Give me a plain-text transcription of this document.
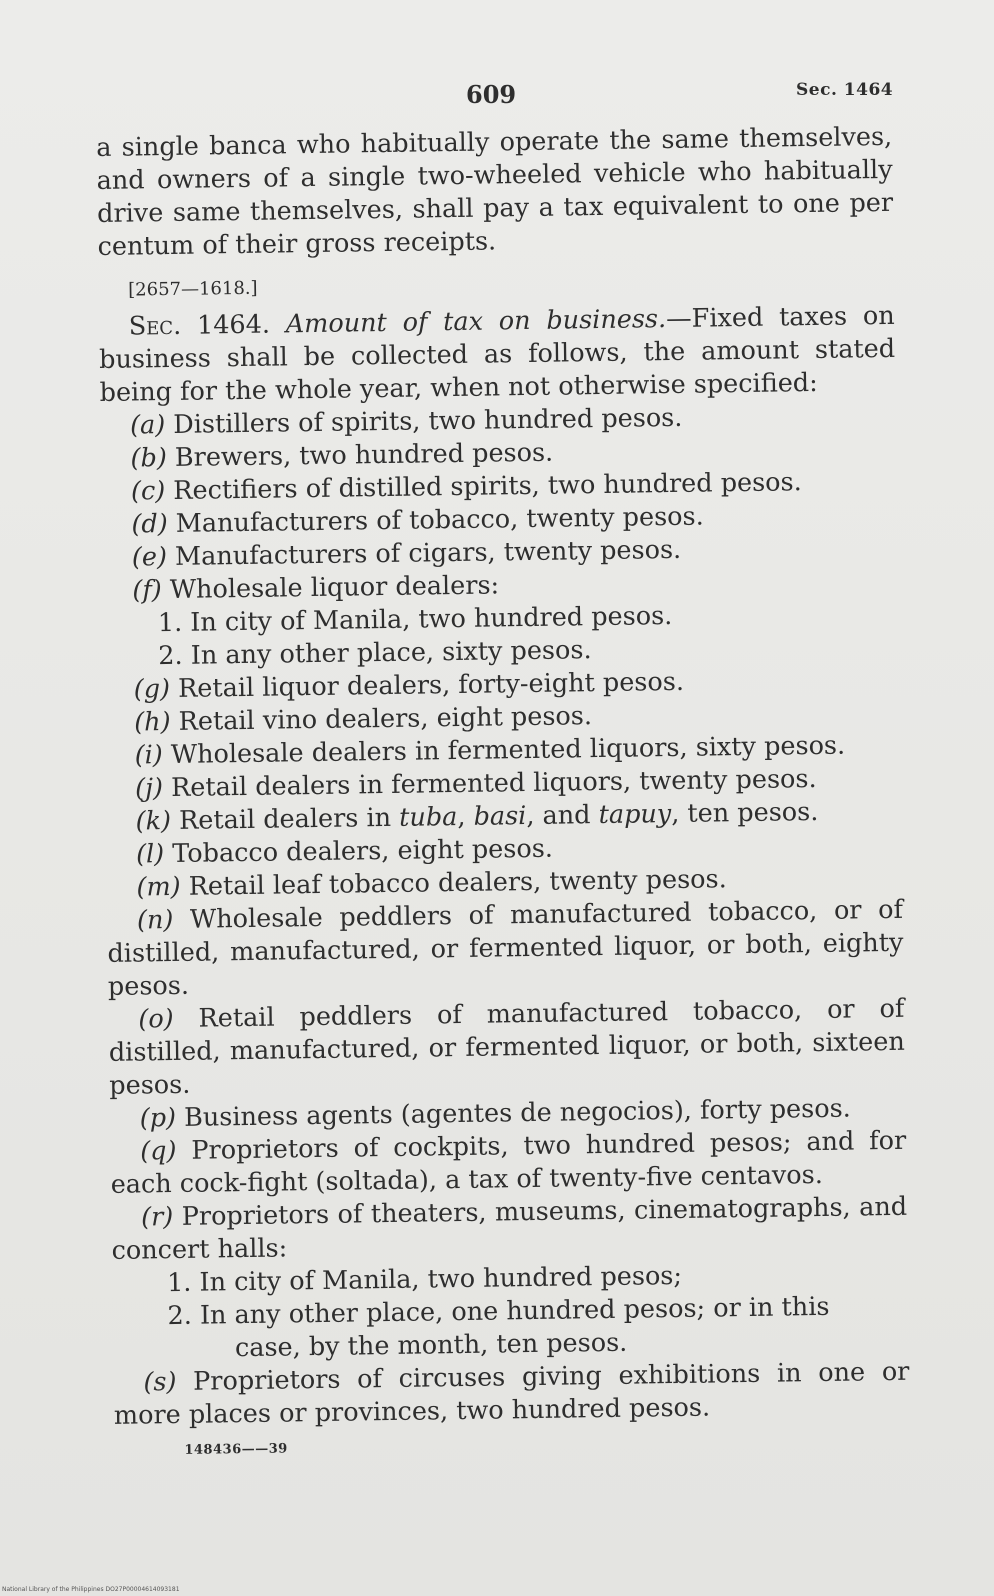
609	Sec. 1464

a single banca who habitually operate the same themselves, and owners of a single two-wheeled vehicle who habitually drive same themselves, shall pay a tax equivalent to one per centum of their gross receipts.

[2657—1618.]

Sec. 1464. Amount of tax on business.—Fixed taxes on business shall be collected as follows, the amount stated being for the whole year, when not otherwise specified:

(a) Distillers of spirits, two hundred pesos.

(b) Brewers, two hundred pesos.

(c) Rectifiers of distilled spirits, two hundred pesos.

(d) Manufacturers of tobacco, twenty pesos.

(e) Manufacturers of cigars, twenty pesos.

(f) Wholesale liquor dealers:

1. In city of Manila, two hundred pesos.

2. In any other place, sixty pesos.

(g) Retail liquor dealers, forty-eight pesos.

(h) Retail vino dealers, eight pesos.

(i) Wholesale dealers in fermented liquors, sixty pesos.

(j) Retail dealers in fermented liquors, twenty pesos.

(k) Retail dealers in tuba, basi, and tapuy, ten pesos.

(l) Tobacco dealers, eight pesos.

(m) Retail leaf tobacco dealers, twenty pesos.

(n) Wholesale peddlers of manufactured tobacco, or of distilled, manufactured, or fermented liquor, or both, eighty pesos.

(o) Retail peddlers of manufactured tobacco, or of distilled, manufactured, or fermented liquor, or both, sixteen pesos.

(p) Business agents (agentes de negocios), forty pesos.

(q) Proprietors of cockpits, two hundred pesos; and for each cock-fight (soltada), a tax of twenty-five centavos.

(r) Proprietors of theaters, museums, cinematographs, and concert halls:

1. In city of Manila, two hundred pesos;

2. In any other place, one hundred pesos; or in this

case, by the month, ten pesos.

(s) Proprietors of circuses giving exhibitions in one or more places or provinces, two hundred pesos.

148436——39
National Library of the Philippines DO27P00004614093181
